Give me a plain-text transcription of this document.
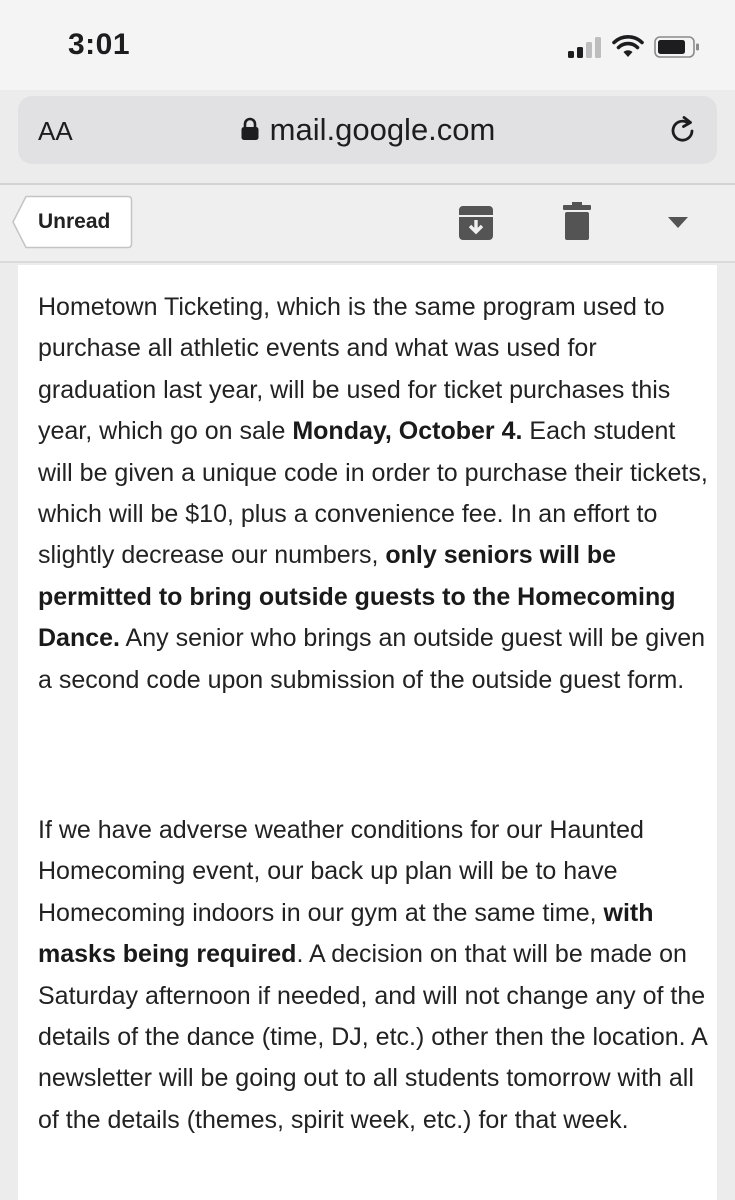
3:01
AA	mail.google.com
Unread

Hometown Ticketing, which is the same program used to purchase all athletic events and what was used for graduation last year, will be used for ticket purchases this year, which go on sale Monday, October 4. Each student will be given a unique code in order to purchase their tickets, which will be $10, plus a convenience fee. In an effort to slightly decrease our numbers, only seniors will be permitted to bring outside guests to the Homecoming Dance. Any senior who brings an outside guest will be given a second code upon submission of the outside guest form.

If we have adverse weather conditions for our Haunted Homecoming event, our back up plan will be to have Homecoming indoors in our gym at the same time, with masks being required. A decision on that will be made on Saturday afternoon if needed, and will not change any of the details of the dance (time, DJ, etc.) other then the location. A newsletter will be going out to all students tomorrow with all of the details (themes, spirit week, etc.) for that week.
